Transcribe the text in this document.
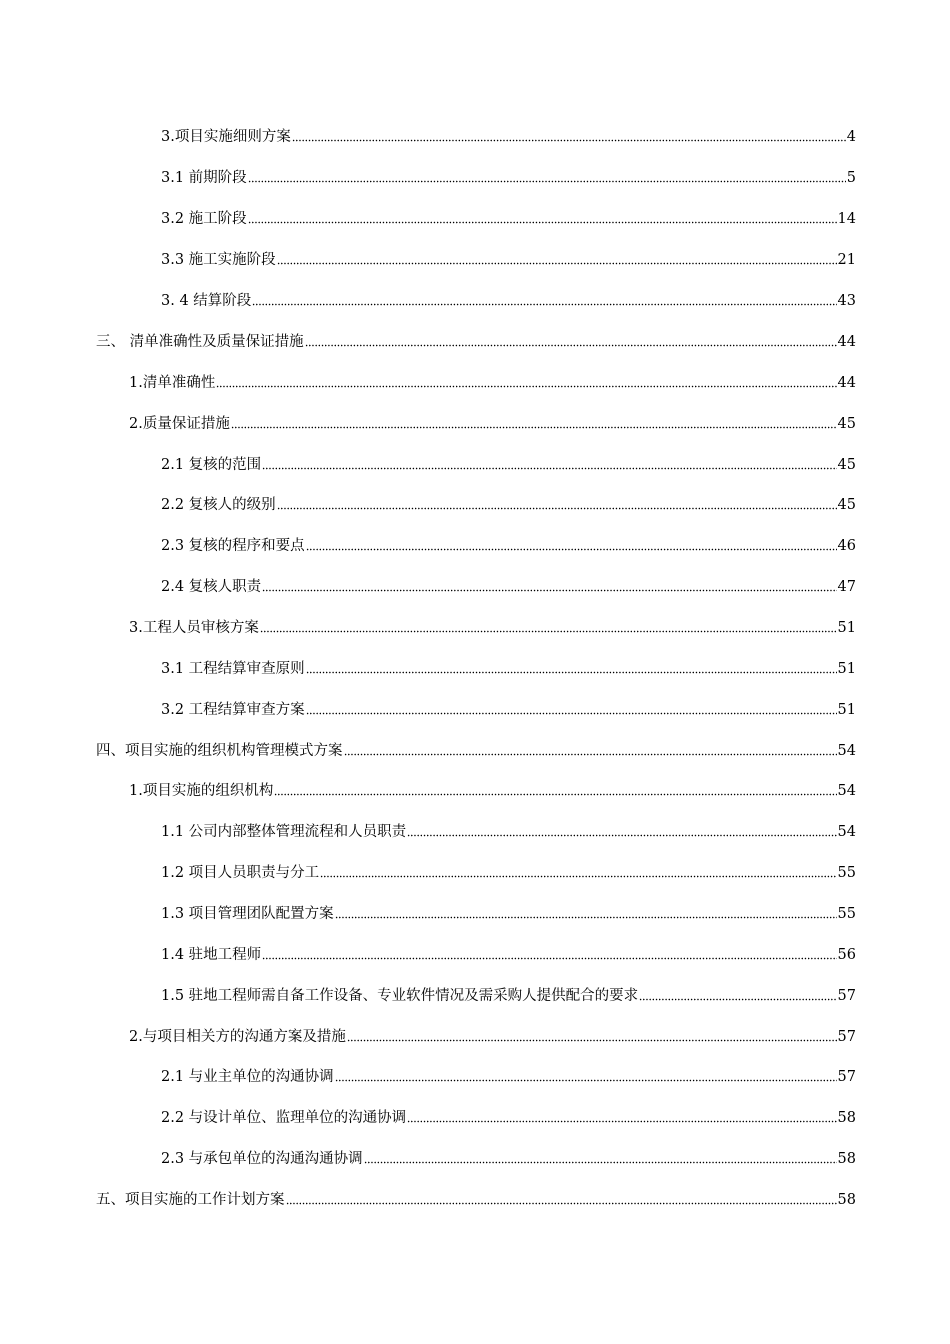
3.项目实施细则方案	4
3.1 前期阶段	5
3.2 施工阶段	14
3.3 施工实施阶段	21
3. 4 结算阶段	43
三、 清单准确性及质量保证措施	44
1.清单准确性	44
2.质量保证措施	45
2.1 复核的范围	45
2.2 复核人的级别	45
2.3 复核的程序和要点	46
2.4 复核人职责	47
3.工程人员审核方案	51
3.1 工程结算审查原则	51
3.2 工程结算审查方案	51
四、项目实施的组织机构管理模式方案	54
1.项目实施的组织机构	54
1.1 公司内部整体管理流程和人员职责	54
1.2 项目人员职责与分工	55
1.3 项目管理团队配置方案	55
1.4 驻地工程师	56
1.5 驻地工程师需自备工作设备、专业软件情况及需采购人提供配合的要求	57
2.与项目相关方的沟通方案及措施	57
2.1 与业主单位的沟通协调	57
2.2 与设计单位、监理单位的沟通协调	58
2.3 与承包单位的沟通沟通协调	58
五、项目实施的工作计划方案	58
